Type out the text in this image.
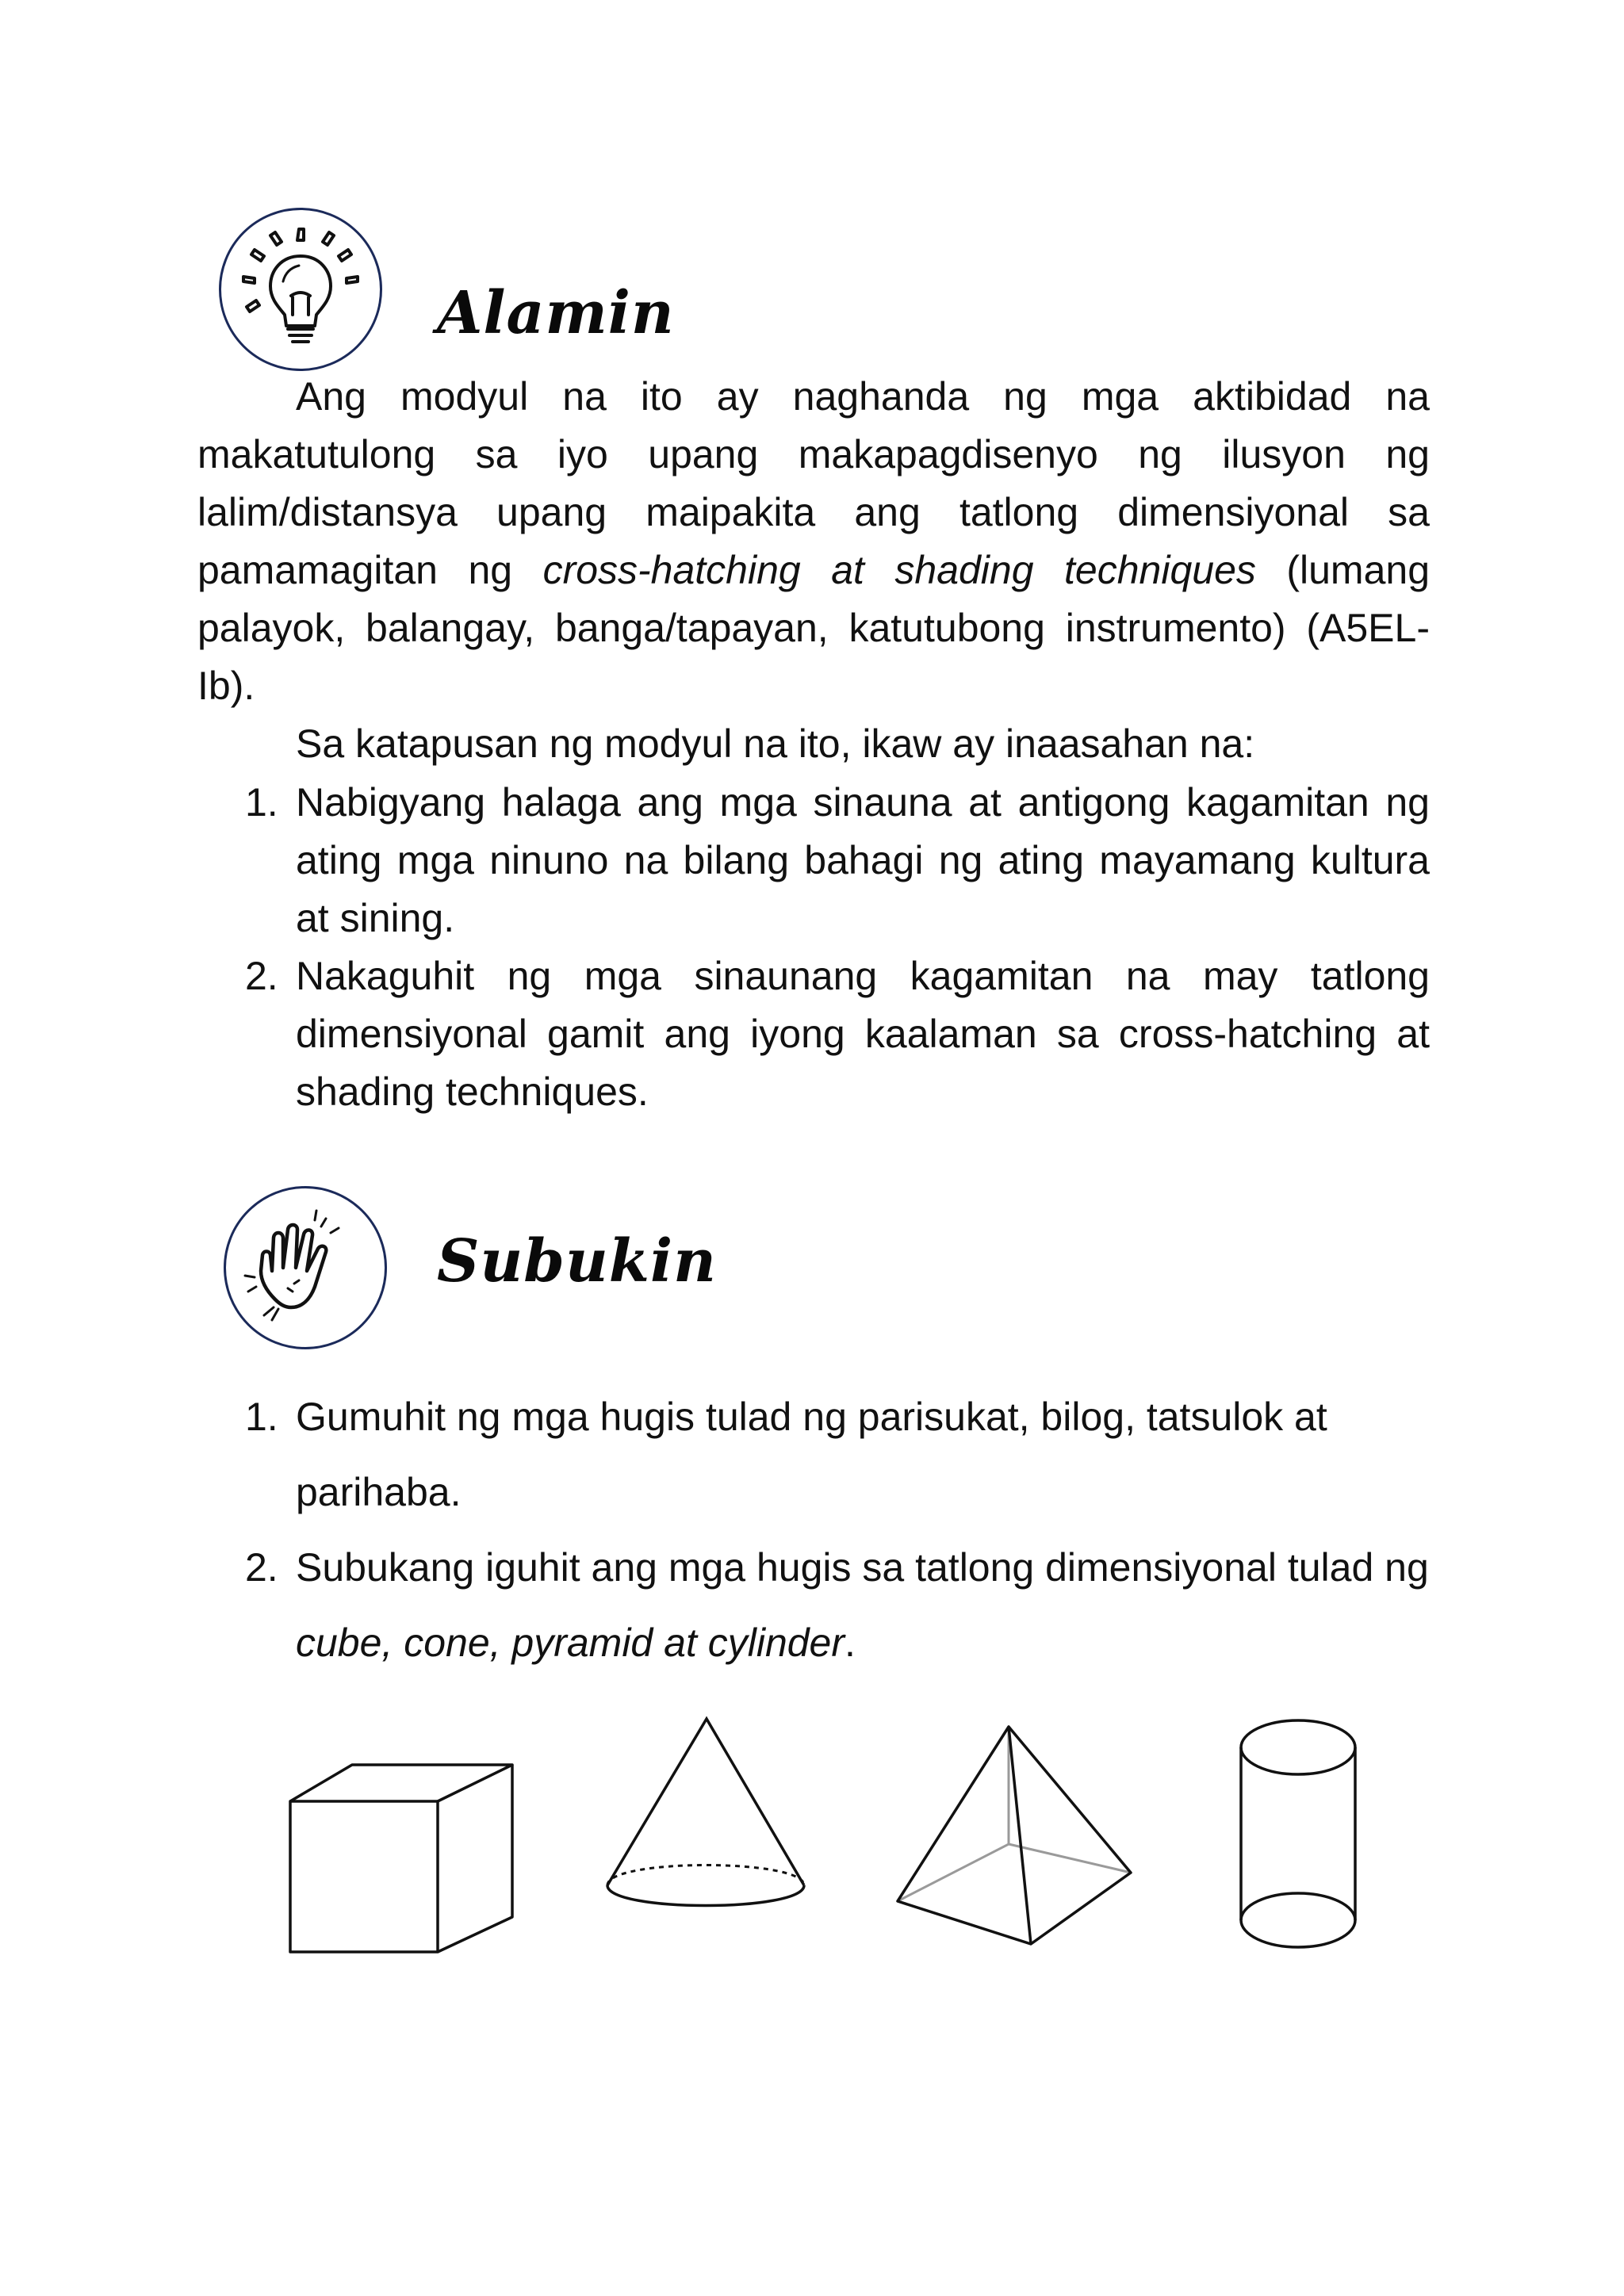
Alamin

Ang modyul na ito ay naghanda ng mga aktibidad na makatutulong sa iyo upang makapagdisenyo ng ilusyon ng lalim/distansya upang maipakita ang tatlong dimensiyonal sa pamamagitan ng cross-hatching at shading techniques (lumang palayok, balangay, banga/tapayan, katutubong instrumento) (A5EL-Ib).

Sa katapusan ng modyul na ito, ikaw ay inaasahan na:

1. Nabigyang halaga ang mga sinauna at antigong kagamitan ng ating mga ninuno na bilang bahagi ng ating mayamang kultura at sining.
2. Nakaguhit ng mga sinaunang kagamitan na may tatlong dimensiyonal gamit ang iyong kaalaman sa cross-hatching at shading techniques.
Subukin
1. Gumuhit ng mga hugis tulad ng parisukat, bilog, tatsulok at parihaba.
2. Subukang iguhit ang mga hugis sa tatlong dimensiyonal tulad ng cube, cone, pyramid at cylinder.
